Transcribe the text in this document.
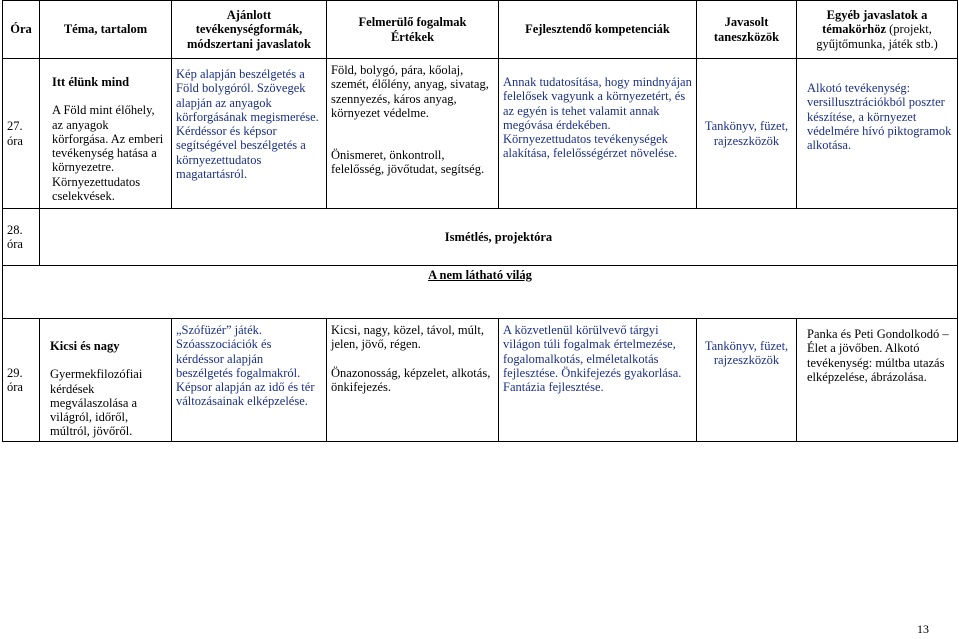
Óra	Téma, tartalom	Ajánlott
tevékenységformák,
módszertani javaslatok	Felmerülő fogalmak
Értékek	Fejlesztendő kompetenciák	Javasolt
taneszközök	Egyéb javaslatok a
témakörhöz (projekt,
gyűjtőmunka, játék stb.)

27.
óra	Itt élünk mind
A Föld mint élőhely, az anyagok körforgása. Az emberi tevékenység hatása a környezetre. Környezettudatos cselekvések.	Kép alapján beszélgetés a Föld bolygóról. Szövegek alapján az anyagok körforgásának megismerése. Kérdéssor és képsor segítségével beszélgetés a környezettudatos magatartásról.	Föld, bolygó, pára, kőolaj, szemét, élőlény, anyag, sivatag, szennyezés, káros anyag, környezet védelme.
Önismeret, önkontroll, felelősség, jövőtudat, segítség.	Annak tudatosítása, hogy mindnyájan felelősek vagyunk a környezetért, és az egyén is tehet valamit annak megóvása érdekében. Környezettudatos tevékenységek alakítása, felelősségérzet növelése.	Tankönyv, füzet, rajzeszközök	Alkotó tevékenység: versillusztrációkból poszter készítése, a környezet védelmére hívó piktogramok alkotása.

28.
óra	Ismétlés, projektóra					
A nem látható világ						

29.
óra	Kicsi és nagy
Gyermekfilozófiai kérdések megválaszolása a világról, időről, múltról, jövőről.	„Szófüzér” játék. Szóasszociációk és kérdéssor alapján beszélgetés fogalmakról. Képsor alapján az idő és tér változásainak elképzelése.	Kicsi, nagy, közel, távol, múlt, jelen, jövő, régen.
Önazonosság, képzelet, alkotás, önkifejezés.	A közvetlenül körülvevő tárgyi világon túli fogalmak értelmezése, fogalomalkotás, elméletalkotás fejlesztése. Önkifejezés gyakorlása. Fantázia fejlesztése.	Tankönyv, füzet, rajzeszközök	Panka és Peti Gondolkodó – Élet a jövőben. Alkotó tevékenység: múltba utazás elképzelése, ábrázolása.
13
